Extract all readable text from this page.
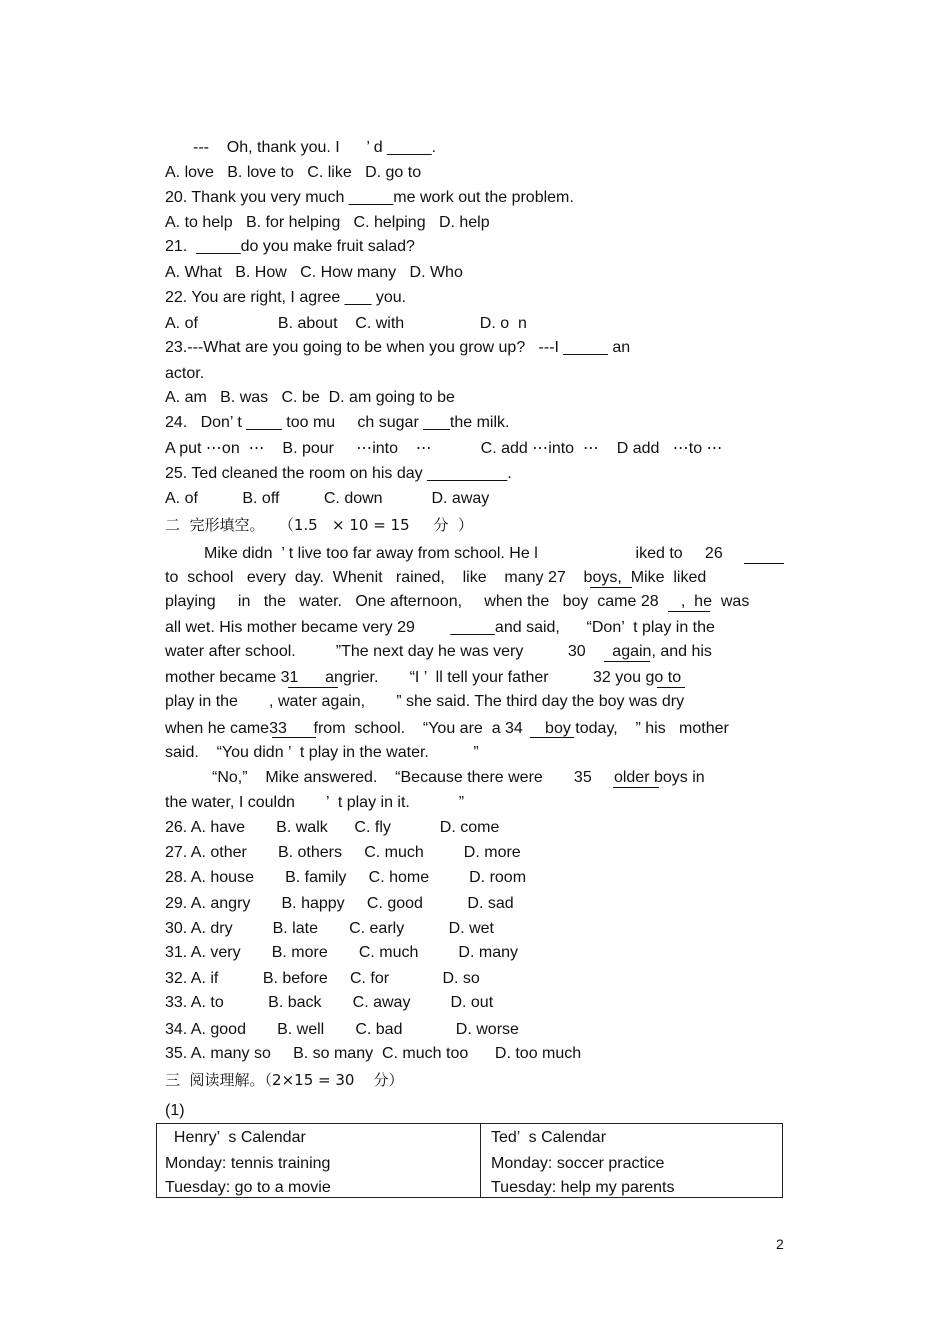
---    Oh, thank you. I      ’ d _____.
A. love   B. love to   C. like   D. go to
20. Thank you very much _____me work out the problem.
A. to help   B. for helping   C. helping   D. help
21.  _____do you make fruit salad?
A. What   B. How   C. How many   D. Who
22. You are right, I agree ___ you.
A. of                  B. about    C. with                 D. o  n
23.---What are you going to be when you grow up?   ---I _____ an
actor.
A. am   B. was   C. be  D. am going to be
24.   Don’ t ____ too mu     ch sugar ___the milk.
A put ⋯on  ⋯    B. pour     ⋯into    ⋯           C. add ⋯into  ⋯    D add   ⋯to ⋯
25. Ted cleaned the room on his day _________.
A. of          B. off          C. down           D. away
二  完形填空。   （1.5   × 10 = 15     分  ）
Mike didn  ’ t live too far away from school. He l                      iked to     26
to  school   every  day.  Whenit   rained,    like    many 27    boys,  Mike  liked
playing     in   the   water.   One afternoon,     when the   boy  came 28     ,  he  was
all wet. His mother became very 29        _____and said,      “Don’  t play in the
water after school.         ”The next day he was very          30      again, and his
mother became 31      angrier.       “I ’  ll tell your father          32 you go to
play in the       , water again,       ” she said. The third day the boy was dry
when he came33      from  school.    “You are  a 34     boy today,    ” his   mother
said.    “You didn ’  t play in the water.          ”
“No,”    Mike answered.    “Because there were       35     older boys in
the water, I couldn       ’  t play in it.           ”
26. A. have       B. walk      C. fly           D. come
27. A. other       B. others     C. much         D. more
28. A. house       B. family     C. home         D. room
29. A. angry       B. happy     C. good          D. sad
30. A. dry         B. late       C. early          D. wet
31. A. very       B. more       C. much         D. many
32. A. if          B. before     C. for            D. so
33. A. to          B. back       C. away         D. out
34. A. good       B. well       C. bad            D. worse
35. A. many so     B. so many  C. much too      D. too much
三  阅读理解。（2×15 = 30    分）
(1)
Henry’  s Calendar
Monday: tennis training
Tuesday: go to a movie
Ted’  s Calendar
Monday: soccer practice
Tuesday: help my parents
2
